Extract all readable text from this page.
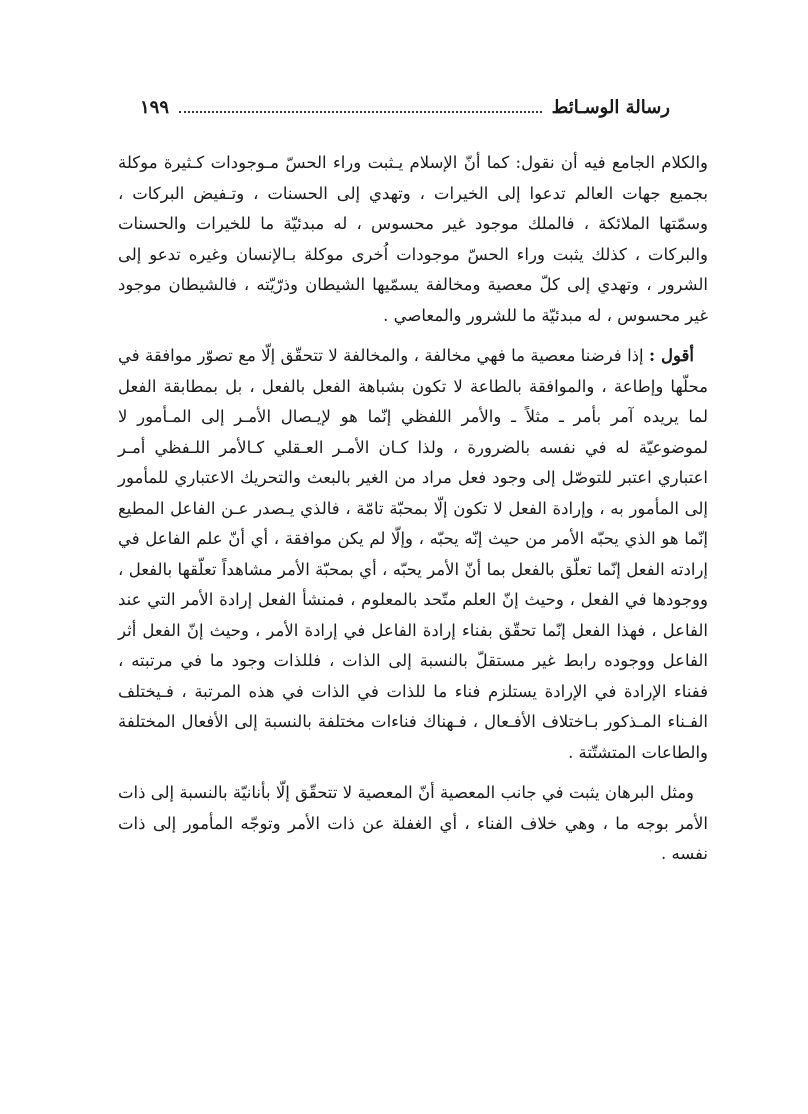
رسالة الوسـائط
١٩٩

والكلام الجامع فيه أن نقول: كما أنّ الإسلام يـثبت وراء الحسّ مـوجودات كـثيرة موكلة بجميع جهات العالم تدعوا إلى الخيرات ، وتهدي إلى الحسنات ، وتـفيض البركات ، وسمّتها الملائكة ، فالملك موجود غير محسوس ، له مبدئيّة ما للخيرات والحسنات والبركات ، كذلك يثبت وراء الحسّ موجودات اُخرى موكلة بـالإنسان وغيره تدعو إلى الشرور ، وتهدي إلى كلّ معصية ومخالفة يسمّيها الشيطان وذرّيّته ، فالشيطان موجود غير محسوس ، له مبدئيّة ما للشرور والمعاصي .

أقول : إذا فرضنا معصية ما فهي مخالفة ، والمخالفة لا تتحقّق إلّا مع تصوّر موافقة في محلّها وإطاعة ، والموافقة بالطاعة لا تكون بشباهة الفعل بالفعل ، بل بمطابقة الفعل لما يريده آمر بأمر ـ مثلاً ـ والأمر اللفظي إنّما هو لإيـصال الأمـر إلى المـأمور لا لموضوعيّة له في نفسه بالضرورة ، ولذا كـان الأمـر العـقلي كـالأمر اللـفظي أمـر اعتباري اعتبر للتوصّل إلى وجود فعل مراد من الغير بالبعث والتحريك الاعتباري للمأمور إلى المأمور به ، وإرادة الفعل لا تكون إلّا بمحبّة تامّة ، فالذي يـصدر عـن الفاعل المطيع إنّما هو الذي يحبّه الأمر من حيث إنّه يحبّه ، وإلّا لم يكن موافقة ، أي أنّ علم الفاعل في إرادته الفعل إنّما تعلّق بالفعل بما أنّ الأمر يحبّه ، أي بمحبّة الأمر مشاهداً تعلّقها بالفعل ، ووجودها في الفعل ، وحيث إنّ العلم متّحد بالمعلوم ، فمنشأ الفعل إرادة الأمر التي عند الفاعل ، فهذا الفعل إنّما تحقّق بفناء إرادة الفاعل في إرادة الأمر ، وحيث إنّ الفعل أثر الفاعل ووجوده رابط غير مستقلّ بالنسبة إلى الذات ، فللذات وجود ما في مرتبته ، ففناء الإرادة في الإرادة يستلزم فناء ما للذات في الذات في هذه المرتبة ، فـيختلف الفـناء المـذكور بـاختلاف الأفـعال ، فـهناك فناءات مختلفة بالنسبة إلى الأفعال المختلفة والطاعات المتشتّتة .

ومثل البرهان يثبت في جانب المعصية أنّ المعصية لا تتحقّق إلّا بأنانيّة بالنسبة إلى ذات الأمر بوجه ما ، وهي خلاف الفناء ، أي الغفلة عن ذات الأمر وتوجّه المأمور إلى ذات نفسه .
